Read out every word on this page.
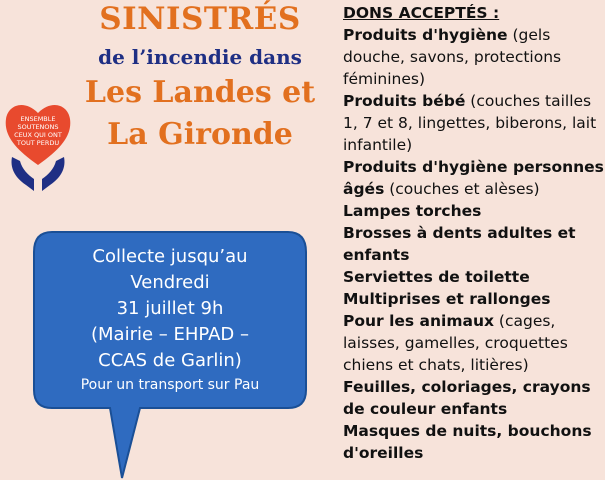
SINISTRÉS
de l’incendie dans
Les Landes et
La Gironde
ENSEMBLE
SOUTENONS
CEUX QUI ONT
TOUT PERDU
Collecte jusqu’au
Vendredi
31 juillet 9h
(Mairie – EHPAD –
CCAS de Garlin)
Pour un transport sur Pau
DONS ACCEPTÉS :
Produits d'hygiène (gels douche, savons, protections féminines)
Produits bébé (couches tailles 1, 7 et 8, lingettes, biberons, lait infantile)
Produits d'hygiène personnes âgés (couches et alèses)
Lampes torches
Brosses à dents adultes et enfants
Serviettes de toilette
Multiprises et rallonges
Pour les animaux (cages, laisses, gamelles, croquettes chiens et chats, litières)
Feuilles, coloriages, crayons de couleur enfants
Masques de nuits, bouchons d'oreilles
